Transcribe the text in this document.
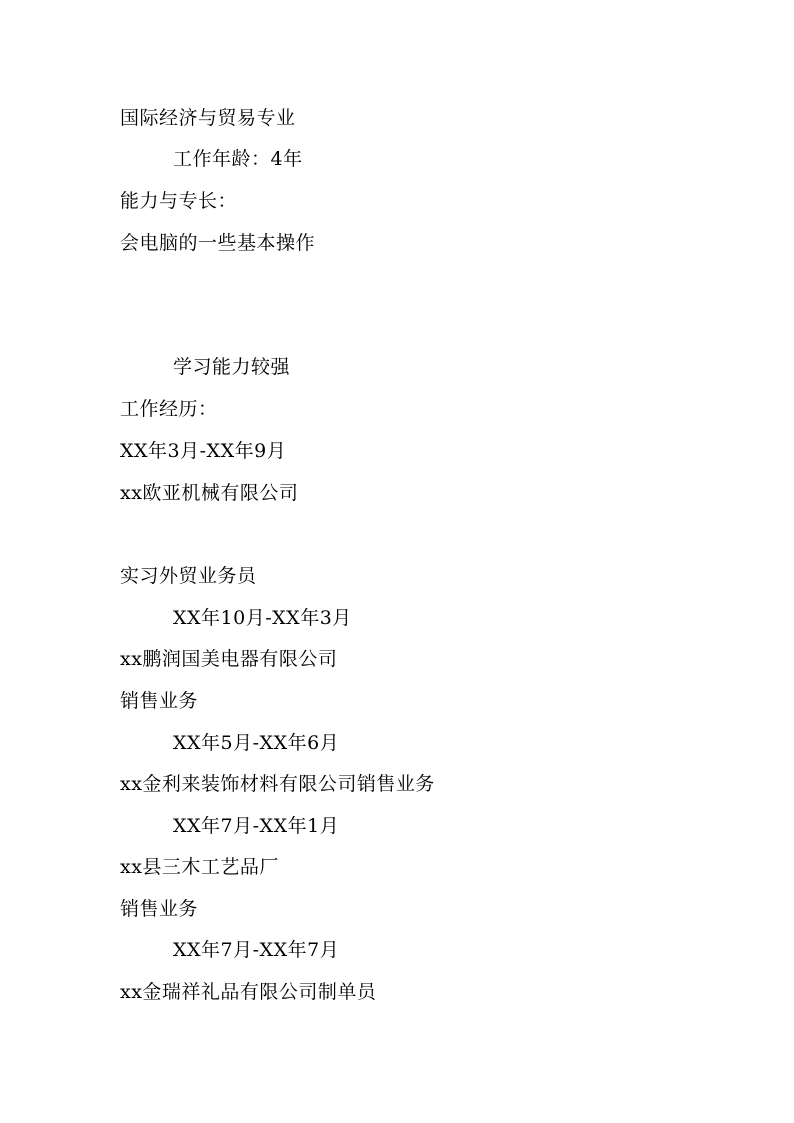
国际经济与贸易专业
工作年龄：4年
能力与专长：
会电脑的一些基本操作
学习能力较强
工作经历：
XX年3月-XX年9月
xx欧亚机械有限公司
实习外贸业务员
XX年10月-XX年3月
xx鹏润国美电器有限公司
销售业务
XX年5月-XX年6月
xx金利来装饰材料有限公司销售业务
XX年7月-XX年1月
xx县三木工艺品厂
销售业务
XX年7月-XX年7月
xx金瑞祥礼品有限公司制单员
